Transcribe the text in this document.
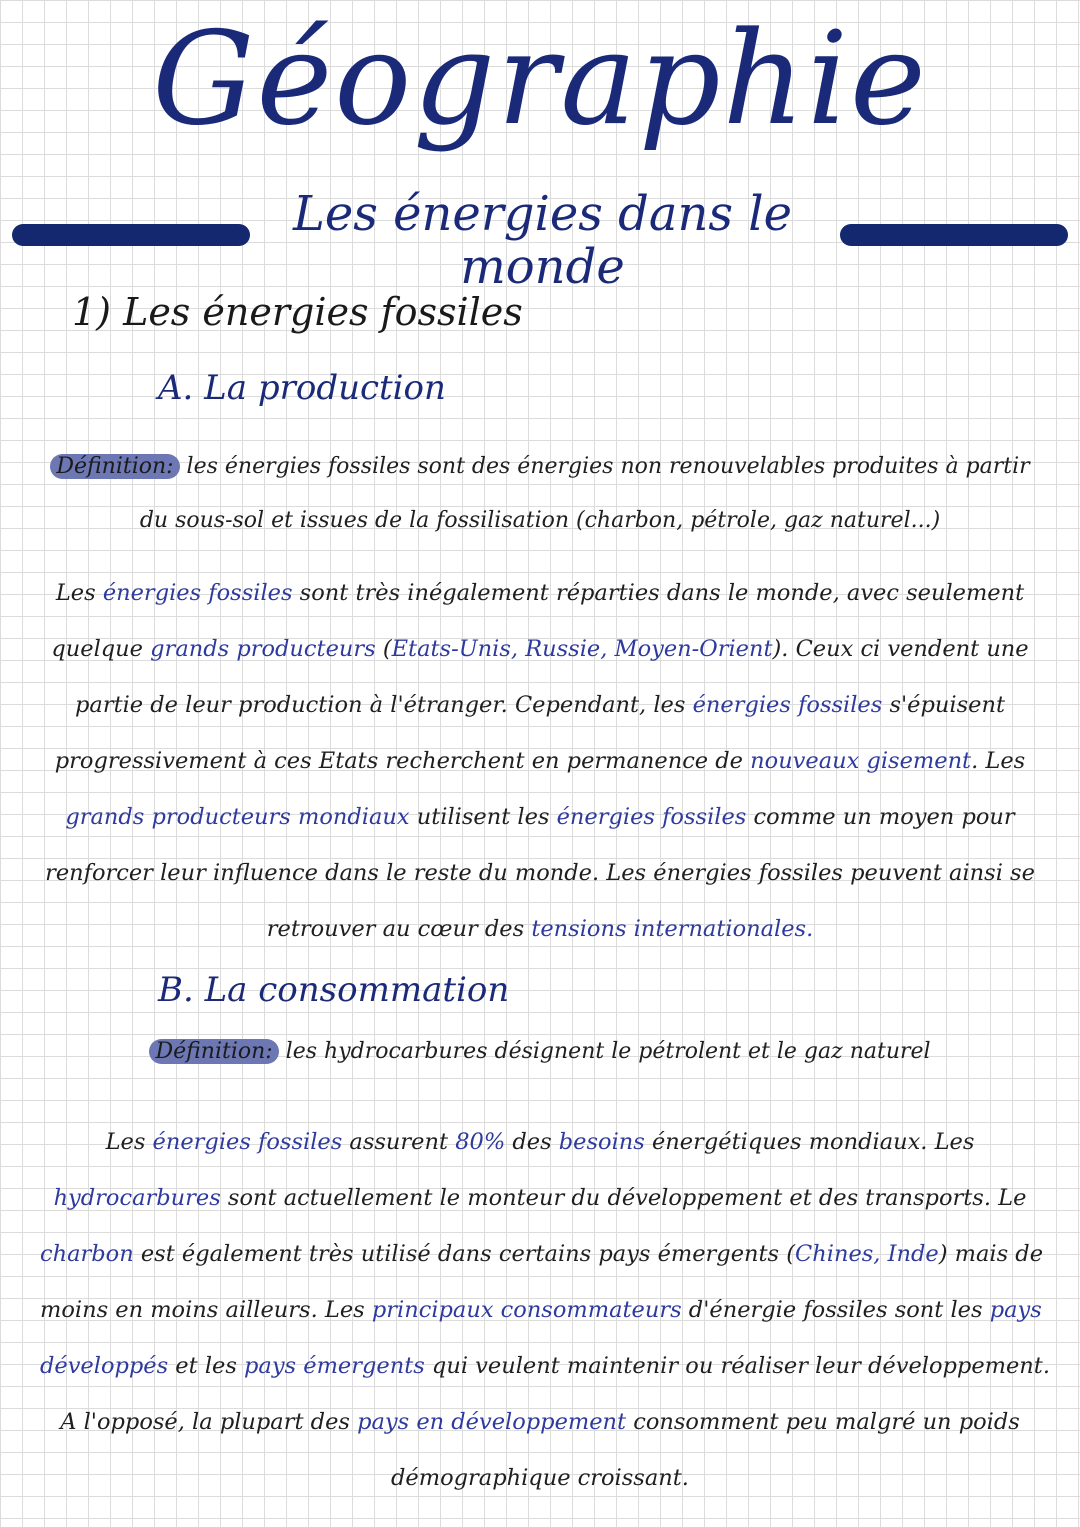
Géographie
Les énergies dans le monde
1) Les énergies fossiles
A. La production
Définition: les énergies fossiles sont des énergies non renouvelables produites à partir
du sous-sol et issues de la fossilisation (charbon, pétrole, gaz naturel...)
Les énergies fossiles sont très inégalement réparties dans le monde, avec seulement
quelque grands producteurs (Etats-Unis, Russie, Moyen-Orient). Ceux ci vendent une
partie de leur production à l'étranger. Cependant, les énergies fossiles s'épuisent
progressivement à ces Etats recherchent en permanence de nouveaux gisement. Les
grands producteurs mondiaux utilisent les énergies fossiles comme un moyen pour
renforcer leur influence dans le reste du monde. Les énergies fossiles peuvent ainsi se
retrouver au cœur des tensions internationales.
B. La consommation
Définition: les hydrocarbures désignent le pétrolent et le gaz naturel
Les énergies fossiles assurent 80% des besoins énergétiques mondiaux. Les
hydrocarbures sont actuellement le monteur du développement et des transports. Le
charbon est également très utilisé dans certains pays émergents (Chines, Inde) mais de
moins en moins ailleurs. Les principaux consommateurs d'énergie fossiles sont les pays
développés et les pays émergents qui veulent maintenir ou réaliser leur développement.
A l'opposé, la plupart des pays en développement consomment peu malgré un poids
démographique croissant.
